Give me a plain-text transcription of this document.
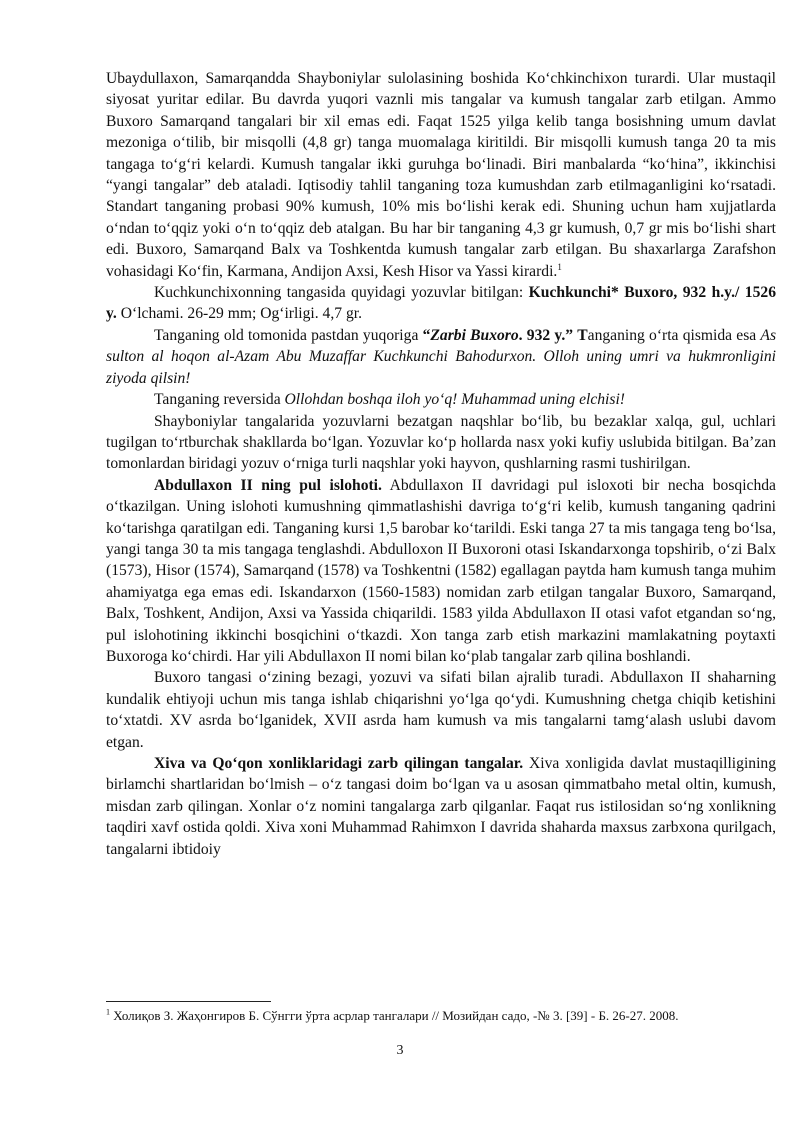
Ubaydullaxon, Samarqandda Shayboniylar sulolasining boshida Ko‘chkinchixon turardi. Ular mustaqil siyosat yuritar edilar. Bu davrda yuqori vaznli mis tangalar va kumush tangalar zarb etilgan. Ammo Buxoro Samarqand tangalari bir xil emas edi. Faqat 1525 yilga kelib tanga bosishning umum davlat mezoniga o‘tilib, bir misqolli (4,8 gr) tanga muomalaga kiritildi. Bir misqolli kumush tanga 20 ta mis tangaga to‘g‘ri kelardi. Kumush tangalar ikki guruhga bo‘linadi. Biri manbalarda “ko‘hina”, ikkinchisi “yangi tangalar” deb ataladi. Iqtisodiy tahlil tanganing toza kumushdan zarb etilmaganligini ko‘rsatadi. Standart tanganing probasi 90% kumush, 10% mis bo‘lishi kerak edi. Shuning uchun ham xujjatlarda o‘ndan to‘qqiz yoki o‘n to‘qqiz deb atalgan. Bu har bir tanganing 4,3 gr kumush, 0,7 gr mis bo‘lishi shart edi. Buxoro, Samarqand Balx va Toshkentda kumush tangalar zarb etilgan. Bu shaxarlarga Zarafshon vohasidagi Ko‘fin, Karmana, Andijon Axsi, Kesh Hisor va Yassi kirardi.$^1$

Kuchkunchixonning tangasida quyidagi yozuvlar bitilgan: Kuchkunchi* Buxoro, 932 h.y./ 1526 y. O‘lchami. 26-29 mm; Og‘irligi. 4,7 gr.

Tanganing old tomonida pastdan yuqoriga “Zarbi Buxoro. 932 y.” Tanganing o‘rta qismida esa As sulton al hoqon al-Azam Abu Muzaffar Kuchkunchi Bahodurxon. Olloh uning umri va hukmronligini ziyoda qilsin!

Tanganing reversida Ollohdan boshqa iloh yo‘q! Muhammad uning elchisi!

Shayboniylar tangalarida yozuvlarni bezatgan naqshlar bo‘lib, bu bezaklar xalqa, gul, uchlari tugilgan to‘rtburchak shakllarda bo‘lgan. Yozuvlar ko‘p hollarda nasx yoki kufiy uslubida bitilgan. Ba’zan tomonlardan biridagi yozuv o‘rniga turli naqshlar yoki hayvon, qushlarning rasmi tushirilgan.

Abdullaxon II ning pul islohoti. Abdullaxon II davridagi pul isloxoti bir necha bosqichda o‘tkazilgan. Uning islohoti kumushning qimmatlashishi davriga to‘g‘ri kelib, kumush tanganing qadrini ko‘tarishga qaratilgan edi. Tanganing kursi 1,5 barobar ko‘tarildi. Eski tanga 27 ta mis tangaga teng bo‘lsa, yangi tanga 30 ta mis tangaga tenglashdi. Abdulloxon II Buxoroni otasi Iskandarxonga topshirib, o‘zi Balx (1573), Hisor (1574), Samarqand (1578) va Toshkentni (1582) egallagan paytda ham kumush tanga muhim ahamiyatga ega emas edi. Iskandarxon (1560-1583) nomidan zarb etilgan tangalar Buxoro, Samarqand, Balx, Toshkent, Andijon, Axsi va Yassida chiqarildi. 1583 yilda Abdullaxon II otasi vafot etgandan so‘ng, pul islohotining ikkinchi bosqichini o‘tkazdi. Xon tanga zarb etish markazini mamlakatning poytaxti Buxoroga ko‘chirdi. Har yili Abdullaxon II nomi bilan ko‘plab tangalar zarb qilina boshlandi.

Buxoro tangasi o‘zining bezagi, yozuvi va sifati bilan ajralib turadi. Abdullaxon II shaharning kundalik ehtiyoji uchun mis tanga ishlab chiqarishni yo‘lga qo‘ydi. Kumushning chetga chiqib ketishini to‘xtatdi. XV asrda bo‘lganidek, XVII asrda ham kumush va mis tangalarni tamg‘alash uslubi davom etgan.

Xiva va Qo‘qon xonliklaridagi zarb qilingan tangalar. Xiva xonligida davlat mustaqilligining birlamchi shartlaridan bo‘lmish – o‘z tangasi doim bo‘lgan va u asosan qimmatbaho metal oltin, kumush, misdan zarb qilingan. Xonlar o‘z nomini tangalarga zarb qilganlar. Faqat rus istilosidan so‘ng xonlikning taqdiri xavf ostida qoldi. Xiva xoni Muhammad Rahimxon I davrida shaharda maxsus zarbxona qurilgach, tangalarni ibtidoiy

$^1$ Холиқов З. Жаҳонгиров Б. Сўнгги ўрта асрлар тангалари // Мозийдан садо, -№ 3. [39] - Б. 26-27. 2008.
3
